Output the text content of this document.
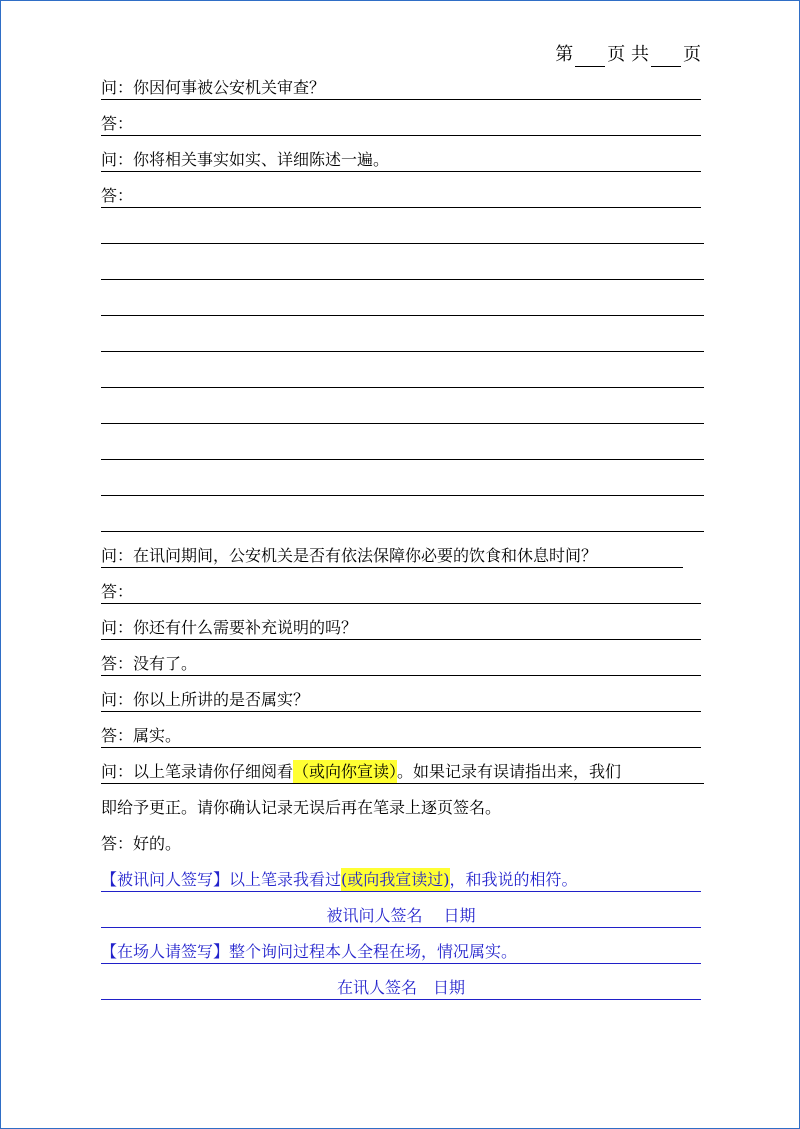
第 页 共 页
问：你因何事被公安机关审查？
答：
问：你将相关事实如实、详细陈述一遍。
答：
问：在讯问期间，公安机关是否有依法保障你必要的饮食和休息时间？
答：
问：你还有什么需要补充说明的吗？
答：没有了。
问：你以上所讲的是否属实？
答：属实。
问：以上笔录请你仔细阅看（或向你宣读）。如果记录有误请指出来，我们
即给予更正。请你确认记录无误后再在笔录上逐页签名。
答：好的。
【被讯问人签写】以上笔录我看过(或向我宣读过)，和我说的相符。
被讯问人签名　 日期
【在场人请签写】整个询问过程本人全程在场，情况属实。
在讯人签名　日期
